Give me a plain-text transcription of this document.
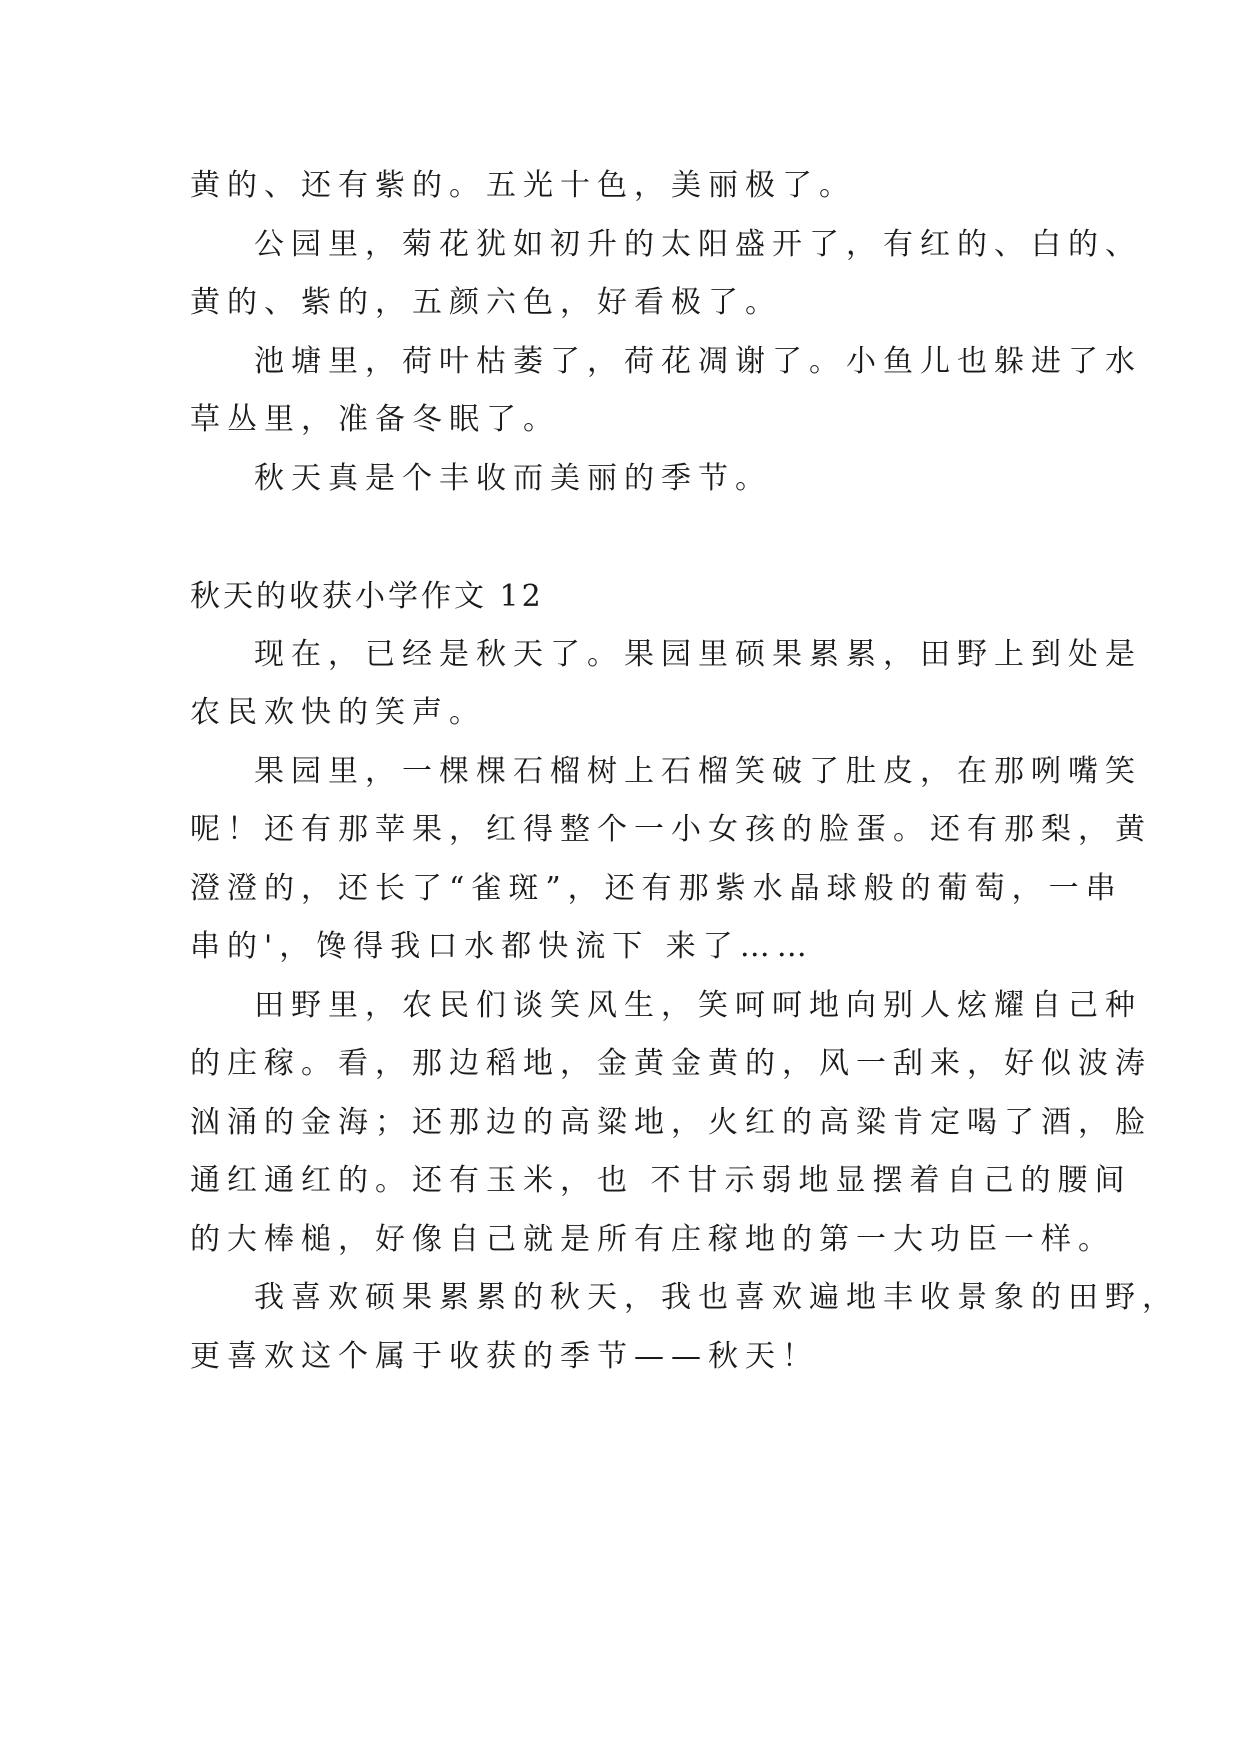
黄的、还有紫的。五光十色，美丽极了。

公园里，菊花犹如初升的太阳盛开了，有红的、白的、

黄的、紫的，五颜六色，好看极了。

池塘里，荷叶枯萎了，荷花凋谢了。小鱼儿也躲进了水

草丛里，准备冬眠了。

秋天真是个丰收而美丽的季节。

秋天的收获小学作文 12

现在，已经是秋天了。果园里硕果累累，田野上到处是

农民欢快的笑声。

果园里，一棵棵石榴树上石榴笑破了肚皮，在那咧嘴笑

呢！还有那苹果，红得整个一小女孩的脸蛋。还有那梨，黄

澄澄的，还长了“雀斑”，还有那紫水晶球般的葡萄，一串

串的'，馋得我口水都快流下 来了……

田野里，农民们谈笑风生，笑呵呵地向别人炫耀自己种

的庄稼。看，那边稻地，金黄金黄的，风一刮来，好似波涛

汹涌的金海；还那边的高粱地，火红的高粱肯定喝了酒，脸

通红通红的。还有玉米，也 不甘示弱地显摆着自己的腰间

的大棒槌，好像自己就是所有庄稼地的第一大功臣一样。

我喜欢硕果累累的秋天，我也喜欢遍地丰收景象的田野，

更喜欢这个属于收获的季节——秋天！
